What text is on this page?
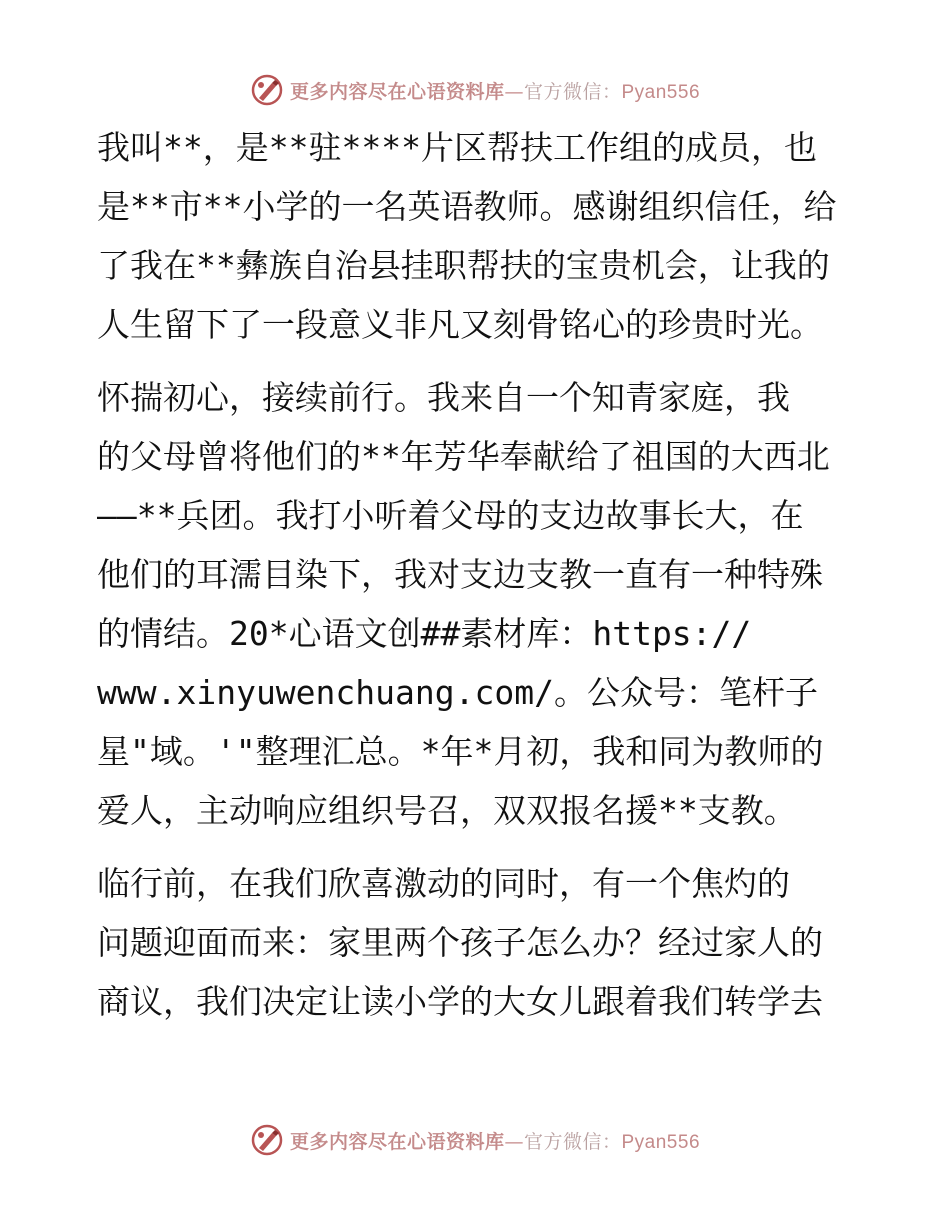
更多内容尽在心语资料库—官方微信：Pyan556

我叫**，是**驻****片区帮扶工作组的成员，也
是**市**小学的一名英语教师。感谢组织信任，给
了我在**彝族自治县挂职帮扶的宝贵机会，让我的
人生留下了一段意义非凡又刻骨铭心的珍贵时光。

怀揣初心，接续前行。我来自一个知青家庭，我
的父母曾将他们的**年芳华奉献给了祖国的大西北
——**兵团。我打小听着父母的支边故事长大，在
他们的耳濡目染下，我对支边支教一直有一种特殊
的情结。20*心语文创##素材库：https://
www.xinyuwenchuang.com/。公众号：笔杆子
星"域。'"整理汇总。*年*月初，我和同为教师的
爱人，主动响应组织号召，双双报名援**支教。

临行前，在我们欣喜激动的同时，有一个焦灼的
问题迎面而来：家里两个孩子怎么办？经过家人的
商议，我们决定让读小学的大女儿跟着我们转学去

更多内容尽在心语资料库—官方微信：Pyan556
